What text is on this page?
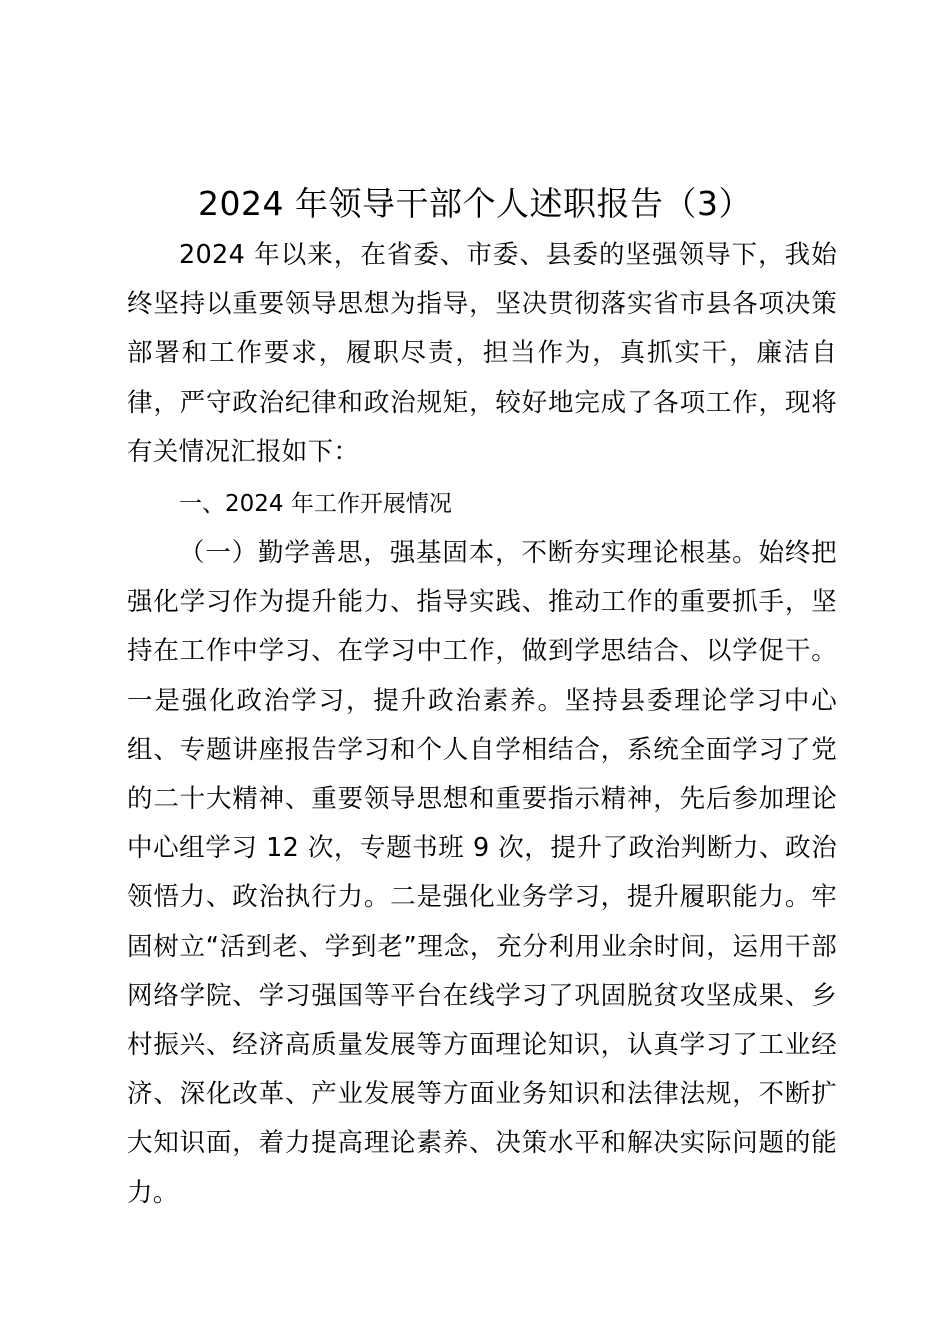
2024 年领导干部个人述职报告（3）

2024 年以来，在省委、市委、县委的坚强领导下，我始终坚持以重要领导思想为指导，坚决贯彻落实省市县各项决策部署和工作要求，履职尽责，担当作为，真抓实干，廉洁自律，严守政治纪律和政治规矩，较好地完成了各项工作，现将有关情况汇报如下：

一、2024 年工作开展情况

（一）勤学善思，强基固本，不断夯实理论根基。始终把强化学习作为提升能力、指导实践、推动工作的重要抓手，坚持在工作中学习、在学习中工作，做到学思结合、以学促干。一是强化政治学习，提升政治素养。坚持县委理论学习中心组、专题讲座报告学习和个人自学相结合，系统全面学习了党的二十大精神、重要领导思想和重要指示精神，先后参加理论中心组学习 12 次，专题书班 9 次，提升了政治判断力、政治领悟力、政治执行力。二是强化业务学习，提升履职能力。牢固树立“活到老、学到老”理念，充分利用业余时间，运用干部网络学院、学习强国等平台在线学习了巩固脱贫攻坚成果、乡村振兴、经济高质量发展等方面理论知识，认真学习了工业经济、深化改革、产业发展等方面业务知识和法律法规，不断扩大知识面，着力提高理论素养、决策水平和解决实际问题的能力。
